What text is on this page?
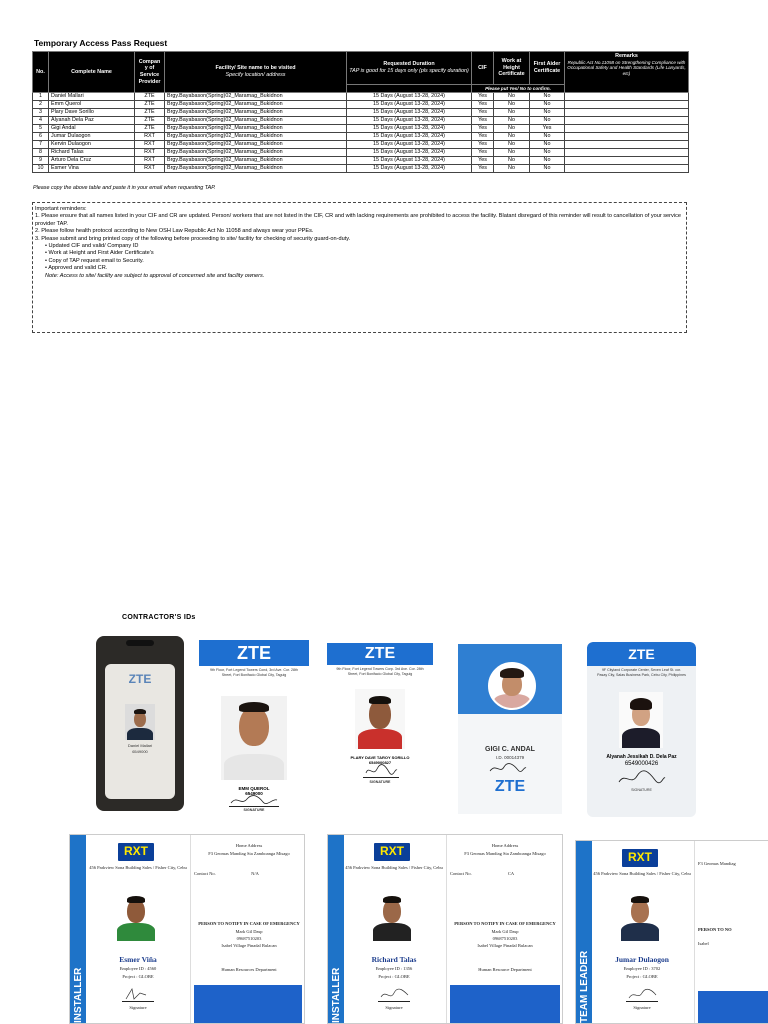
Temporary Access Pass Request
No.	Complete Name	Compan y of Service Provider	Facility/ Site name to be visited
Specify location/ address	Requested Duration
TAP is good for 15 days only (pls specify duration)	CIF	Work at Height Certificate	First Aider Certificate	Remarks
Republic Act No.11058 on Strengthening Compliance with Occupational Safety and Health Standards (Life Lanyards, etc)

					Please put Yes/ No to confirm.			
1	Daniel Mallari	ZTE	Brgy.Bayabason(Spring)02_Maramag_Bukidnon	15 Days (August 13-28, 2024)	Yes	No	No	
2	Emm Querol	ZTE	Brgy.Bayabason(Spring)02_Maramag_Bukidnon	15 Days (August 13-28, 2024)	Yes	No	No	
3	Plary Dave Sorillo	ZTE	Brgy.Bayabason(Spring)02_Maramag_Bukidnon	15 Days (August 13-28, 2024)	Yes	No	No	
4	Alyanah Dela Paz	ZTE	Brgy.Bayabason(Spring)02_Maramag_Bukidnon	15 Days (August 13-28, 2024)	Yes	No	No	
5	Gigi Andal	ZTE	Brgy.Bayabason(Spring)02_Maramag_Bukidnon	15 Days (August 13-28, 2024)	Yes	No	Yes	
6	Jumar Dulaogon	RXT	Brgy.Bayabason(Spring)02_Maramag_Bukidnon	15 Days (August 13-28, 2024)	Yes	No	No	
7	Kervin Dulaogon	RXT	Brgy.Bayabason(Spring)02_Maramag_Bukidnon	15 Days (August 13-28, 2024)	Yes	No	No	
8	Richard Talas	RXT	Brgy.Bayabason(Spring)02_Maramag_Bukidnon	15 Days (August 13-28, 2024)	Yes	No	No	
9	Arturo Dela Cruz	RXT	Brgy.Bayabason(Spring)02_Maramag_Bukidnon	15 Days (August 13-28, 2024)	Yes	No	No	
10	Esmer Vina	RXT	Brgy.Bayabason(Spring)02_Maramag_Bukidnon	15 Days (August 13-28, 2024)	Yes	No	No	
Please copy the above table and paste it in your email when requesting TAP.
Important reminders:
1. Please ensure that all names listed in your CIF and CR are updated. Person/ workers that are not listed in the CIF, CR and with lacking requirements are prohibited to access the facility. Blatant disregard of this reminder will result to cancellation of your service provider TAP.
2. Please follow health protocol according to New OSH Law Republic Act No 11058 and always wear your PPEs.
3. Please submit and bring printed copy of the following before proceeding to site/ facility for checking of security guard-on-duty.
• Updated CIF and valid/ Company ID
• Work at Height and First Aider Certificate's
• Copy of TAP request email to Security.
• Approved and valid CR.
Note: Access to site/ facility are subject to approval of concerned site and facility owners.
CONTRACTOR'S IDs
ZTE
Daniel Mallari
6549000
ZTE
9th Floor, Fort Legend Towers Cond, 3rd Ave. Cor. 28th Street, Fort Bonifacio Global City, Taguig
EMM QUEROL
6549000
SIGNATURE
ZTE
9th Floor, Fort Legend Towers Corp. 3rd Ave. Cor. 28th Street, Fort Bonifacio Global City, Taguig
PLARY DAVE TAROY SORILLO
6549000827
SIGNATURE
GIGI C. ANDAL
I.D. 00014379
ZTE
ZTE
9F Cityland Corporate Center, Seven Leaf St. cor. Pasay City, Salas Business Park, Cebu City, Philippines
Alyanah Jessikah D. Dela Paz
6549000426
SIGNATURE
INSTALLER
RXT
456 Parkview Sona Building Sales / Fisher City, Cebu
Esmer Viña
Employee ID : 4560
Project : GLOBE
Signature
Home Address
F3 Geomas Mandiag Sta Zamboanga Misago
Contact No.	N/A
PERSON TO NOTIFY IN CASE OF EMERGENCY
Mark Gil Dasp
09687510203
Isabel Village Pinadal Bulacan
Human Resources Department	INSTALLER
RXT
456 Parkview Sona Building Sales / Fisher City, Cebu
Richard Talas
Employee ID : 1356
Project : GLOBE
Signature
Home Address
F3 Geomas Mandiag Sta Zamboanga Misago
Contact No.	CA
PERSON TO NOTIFY IN CASE OF EMERGENCY
Mark Gil Dasp
09687510203
Isabel Village Pinadal Bulacan
Human Resource Department	TEAM LEADER
RXT
456 Parkview Sona Building Sales / Fisher City, Cebu
Jumar Dulaogon
Employee ID : 3702
Project : GLOBE
Signature
F3 Geomas Mandiag
PERSON TO NO
Isabel
